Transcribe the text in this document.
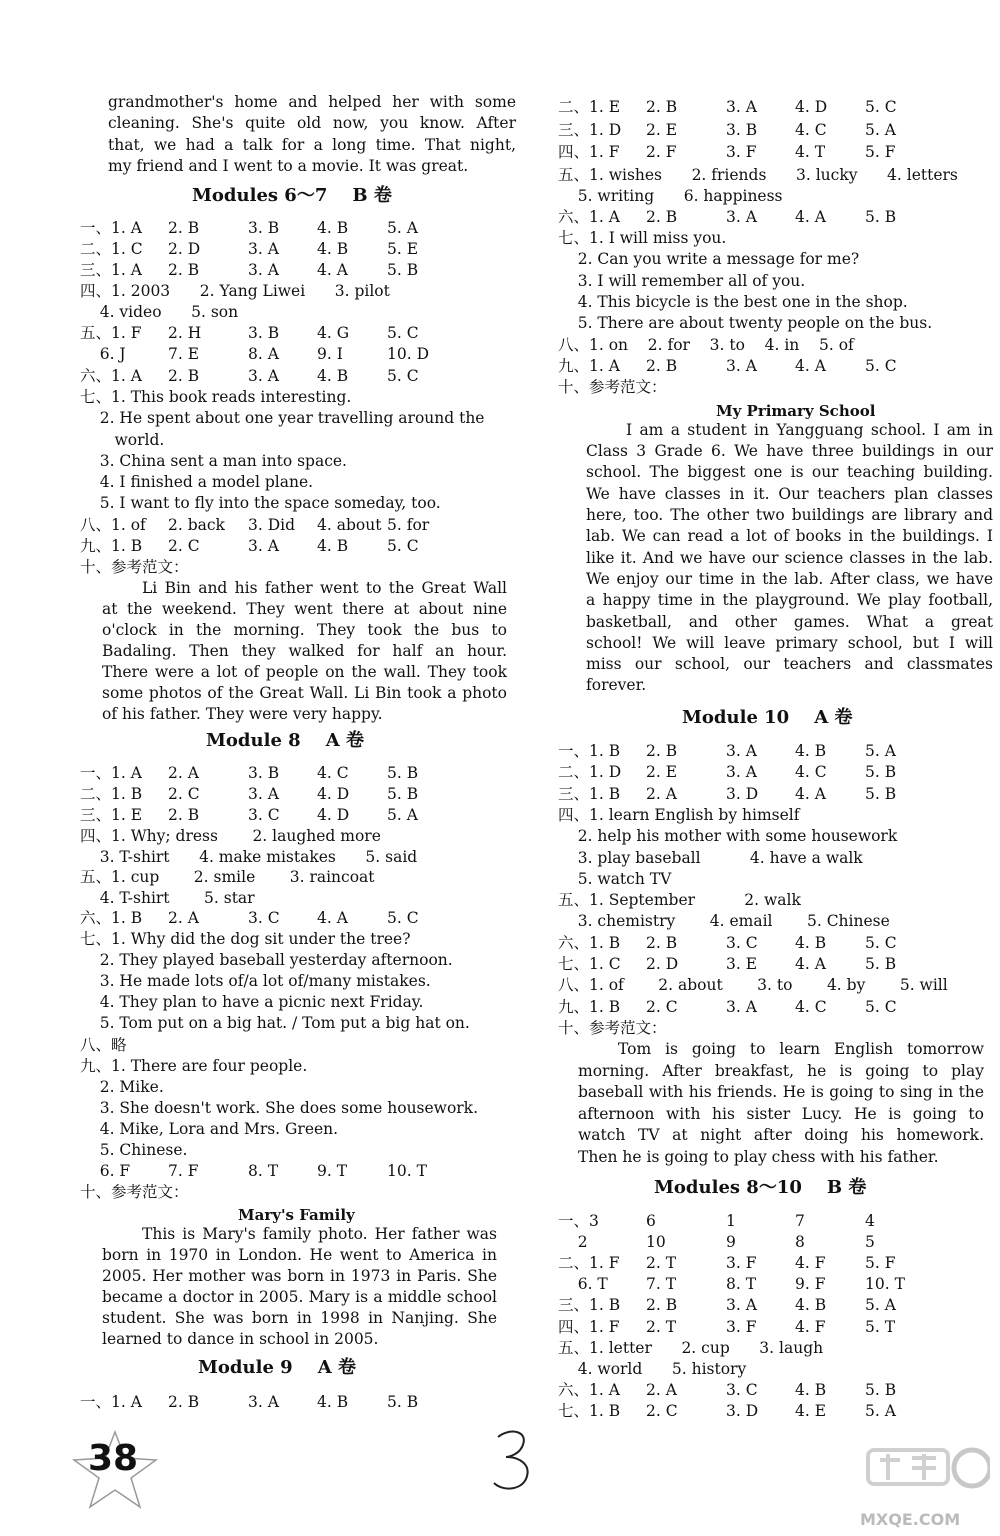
grandmother's home and helped her with some
cleaning. She's quite old now, you know. After
that, we had a talk for a long time. That night,
my friend and I went to a movie. It was great.
Modules 6～7    B 卷
一、1. A 2. B	3. B 4. B	5. A
二、1. C 2. D	3. A 4. B	5. E
三、1. A 2. B	3. A 4. A	5. B
四、1. 2003      2. Yang Liwei      3. pilot
4. video      5. son
五、1. F 2. H	3. B 4. G 5. C
6. J	7. E	8. A 9. I	10. D
六、1. A 2. B	3. A 4. B	5. C
七、1. This book reads interesting.
2. He spent about one year travelling around the
world.
3. China sent a man into space.
4. I finished a model plane.
5. I want to fly into the space someday, too.
八、1. of 2. back 3. Did 4. about 5. for
九、1. B 2. C	3. A 4. B	5. C
十、参考范文：
Li Bin and his father went to the Great Wall
at the weekend. They went there at about nine
o'clock in the morning. They took the bus to
Badaling. Then they walked for half an hour.
There were a lot of people on the wall. They took
some photos of the Great Wall. Li Bin took a photo
of his father. They were very happy.
Module 8    A 卷
一、1. A 2. A	3. B 4. C 5. B
二、1. B 2. C	3. A 4. D 5. B
三、1. E 2. B	3. C 4. D 5. A
四、1. Why; dress       2. laughed more
3. T-shirt      4. make mistakes      5. said
五、1. cup       2. smile       3. raincoat
4. T-shirt       5. star
六、1. B 2. A	3. C 4. A	5. C
七、1. Why did the dog sit under the tree?
2. They played baseball yesterday afternoon.
3. He made lots of/a lot of/many mistakes.
4. They plan to have a picnic next Friday.
5. Tom put on a big hat. / Tom put a big hat on.
八、略
九、1. There are four people.
2. Mike.
3. She doesn't work. She does some housework.
4. Mike, Lora and Mrs. Green.
5. Chinese.
6. F 7. F	8. T	9. T	10. T
十、参考范文：
Mary's Family
This is Mary's family photo. Her father was
born in 1970 in London. He went to America in
2005. Her mother was born in 1973 in Paris. She
became a doctor in 2005. Mary is a middle school
student. She was born in 1998 in Nanjing. She
learned to dance in school in 2005.
Module 9    A 卷
一、1. A 2. B	3. A 4. B	5. B
二、1. E 2. B	3. A 4. D 5. C
三、1. D 2. E	3. B 4. C 5. A
四、1. F 2. F	3. F 4. T	5. F
五、1. wishes      2. friends      3. lucky      4. letters
5. writing      6. happiness
六、1. A 2. B	3. A 4. A	5. B
七、1. I will miss you.
2. Can you write a message for me?
3. I will remember all of you.
4. This bicycle is the best one in the shop.
5. There are about twenty people on the bus.
八、1. on    2. for    3. to    4. in    5. of
九、1. A 2. B	3. A 4. A	5. C
十、参考范文：
My Primary School
I am a student in Yangguang school. I am in
Class 3 Grade 6. We have three buildings in our
school. The biggest one is our teaching building.
We have classes in it. Our teachers plan classes
here, too. The other two buildings are library and
lab. We can read a lot of books in the buildings. I
like it. And we have our science classes in the lab.
We enjoy our time in the lab. After class, we have
a happy time in the playground. We play football,
basketball, and other games. What a great
school! We will leave primary school, but I will
miss our school, our teachers and classmates
forever.
Module 10    A 卷
一、1. B 2. B	3. A 4. B	5. A
二、1. D 2. E	3. A 4. C 5. B
三、1. B 2. A	3. D 4. A	5. B
四、1. learn English by himself
2. help his mother with some housework
3. play baseball          4. have a walk
5. watch TV
五、1. September          2. walk
3. chemistry       4. email       5. Chinese
六、1. B 2. B	3. C 4. B	5. C
七、1. C 2. D	3. E 4. A	5. B
八、1. of       2. about       3. to       4. by       5. will
九、1. B 2. C	3. A 4. C 5. C
十、参考范文：
Tom is going to learn English tomorrow
morning. After breakfast, he is going to play
baseball with his friends. He is going to sing in the
afternoon with his sister Lucy. He is going to
watch TV at night after doing his homework.
Then he is going to play chess with his father.
Modules 8～10    B 卷
一、3	6	1	7	4
2	10	9	8	5
二、1. F 2. T	3. F 4. F	5. F
6. T 7. T	8. T	9. F	10. T
三、1. B 2. B	3. A 4. B	5. A
四、1. F 2. T	3. F 4. F	5. T
五、1. letter      2. cup      3. laugh
4. world      5. history
六、1. A 2. A	3. C 4. B	5. B
七、1. B 2. C	3. D 4. E	5. A
38
MXQE.COM
